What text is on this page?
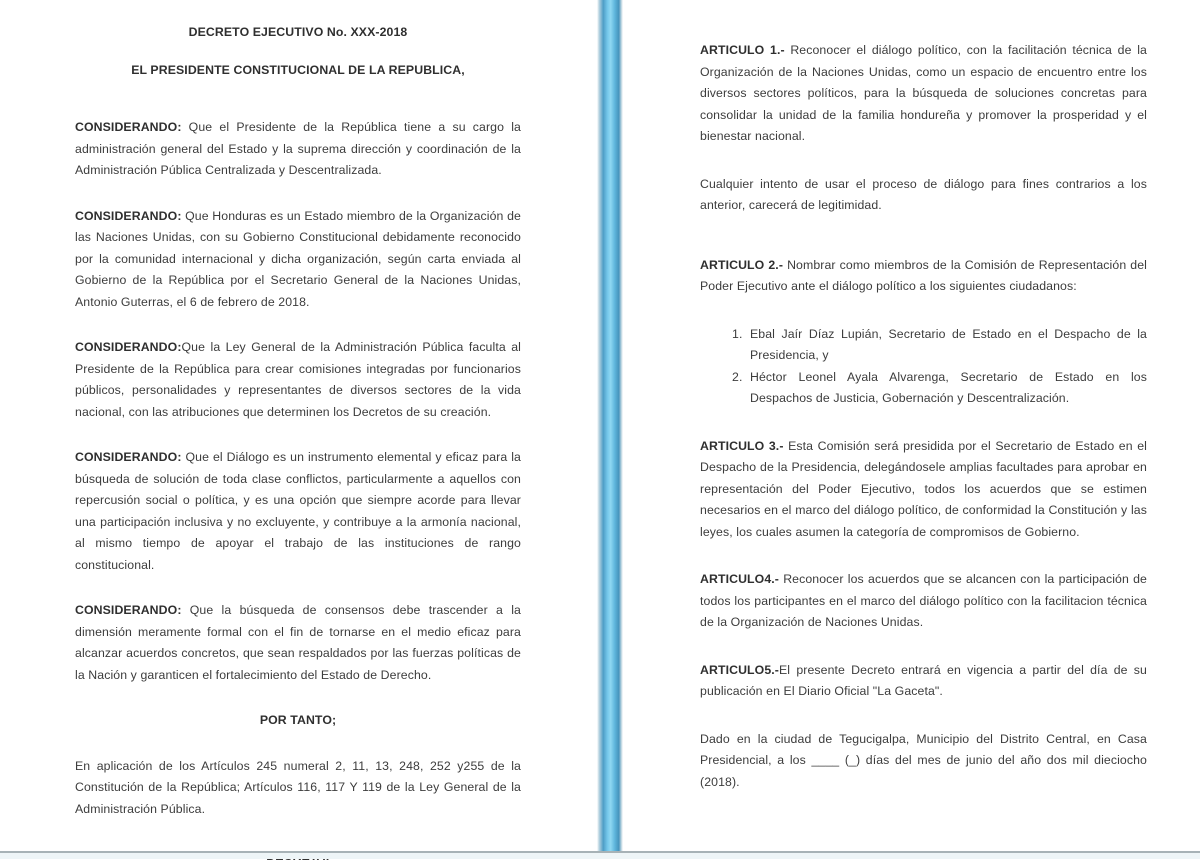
DECRETO EJECUTIVO No. XXX-2018

EL PRESIDENTE CONSTITUCIONAL DE LA REPUBLICA,

CONSIDERANDO: Que el Presidente de la República tiene a su cargo la administración general del Estado y la suprema dirección y coordinación de la Administración Pública Centralizada y Descentralizada.

CONSIDERANDO: Que Honduras es un Estado miembro de la Organización de las Naciones Unidas, con su Gobierno Constitucional debidamente reconocido por la comunidad internacional y dicha organización, según carta enviada al Gobierno de la República por el Secretario General de la Naciones Unidas, Antonio Guterras, el 6 de febrero de 2018.

CONSIDERANDO:Que la Ley General de la Administración Pública faculta al Presidente de la República para crear comisiones integradas por funcionarios públicos, personalidades y representantes de diversos sectores de la vida nacional, con las atribuciones que determinen los Decretos de su creación.

CONSIDERANDO: Que el Diálogo es un instrumento elemental y eficaz para la búsqueda de solución de toda clase conflictos, particularmente a aquellos con repercusión social o política, y es una opción que siempre acorde para llevar una participación inclusiva y no excluyente, y contribuye a la armonía nacional, al mismo tiempo de apoyar el trabajo de las instituciones de rango constitucional.

CONSIDERANDO: Que la búsqueda de consensos debe trascender a la dimensión meramente formal con el fin de tornarse en el medio eficaz para alcanzar acuerdos concretos, que sean respaldados por las fuerzas políticas de la Nación y garanticen el fortalecimiento del Estado de Derecho.

POR TANTO;

En aplicación de los Artículos 245 numeral 2, 11, 13, 248, 252 y255 de la Constitución de la República; Artículos 116, 117 Y 119 de la Ley General de la Administración Pública.

ARTICULO 1.- Reconocer el diálogo político, con la facilitación técnica de la Organización de la Naciones Unidas, como un espacio de encuentro entre los diversos sectores políticos, para la búsqueda de soluciones concretas para consolidar la unidad de la familia hondureña y promover la prosperidad y el bienestar nacional.

Cualquier intento de usar el proceso de diálogo para fines contrarios a los anterior, carecerá de legitimidad.

ARTICULO 2.- Nombrar como miembros de la Comisión de Representación del Poder Ejecutivo ante el diálogo político a los siguientes ciudadanos:

1. Ebal Jaír Díaz Lupián, Secretario de Estado en el Despacho de la Presidencia, y
2. Héctor Leonel Ayala Alvarenga, Secretario de Estado en los Despachos de Justicia, Gobernación y Descentralización.

ARTICULO 3.- Esta Comisión será presidida por el Secretario de Estado en el Despacho de la Presidencia, delegándosele amplias facultades para aprobar en representación del Poder Ejecutivo, todos los acuerdos que se estimen necesarios en el marco del diálogo político, de conformidad la Constitución y las leyes, los cuales asumen la categoría de compromisos de Gobierno.

ARTICULO4.- Reconocer los acuerdos que se alcancen con la participación de todos los participantes en el marco del diálogo político con la facilitacion técnica de la Organización de Naciones Unidas.

ARTICULO5.-El presente Decreto entrará en vigencia a partir del día de su publicación en El Diario Oficial "La Gaceta".

Dado en la ciudad de Tegucigalpa, Municipio del Distrito Central, en Casa Presidencial, a los ____ (_) días del mes de junio del año dos mil dieciocho (2018).
